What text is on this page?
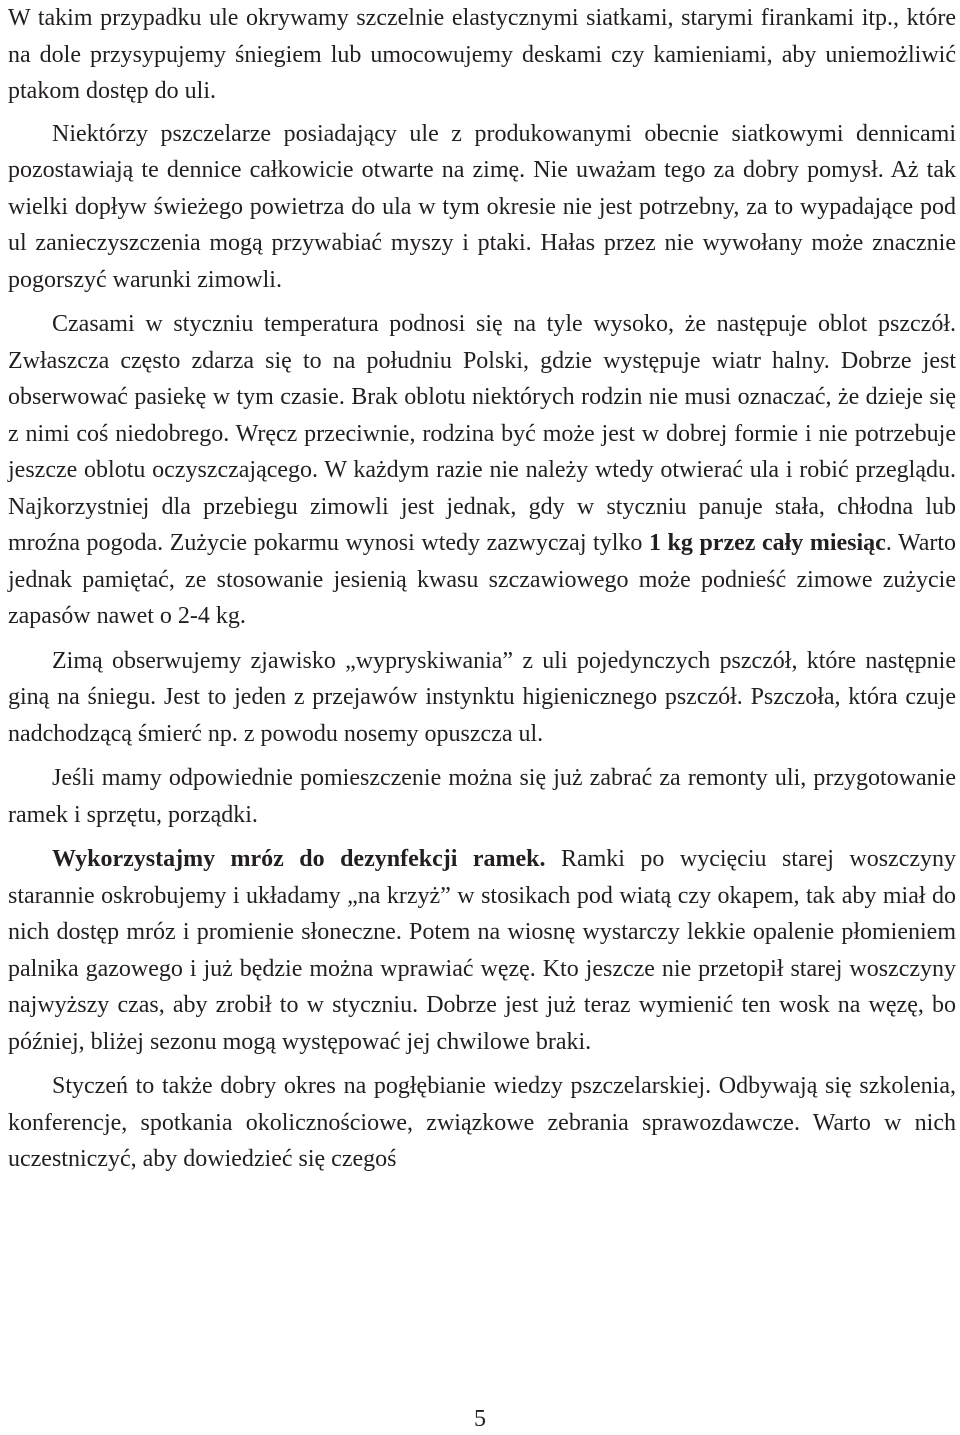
W takim przypadku ule okrywamy szczelnie elastycznymi siatkami, starymi firankami itp., które na dole przysypujemy śniegiem lub umocowujemy deskami czy kamieniami, aby uniemożliwić ptakom dostęp do uli.

Niektórzy pszczelarze posiadający ule z produkowanymi obecnie siatkowymi dennicami pozostawiają te dennice całkowicie otwarte na zimę. Nie uważam tego za dobry pomysł. Aż tak wielki dopływ świeżego powietrza do ula w tym okresie nie jest potrzebny, za to wypadające pod ul zanieczyszczenia mogą przywabiać myszy i ptaki. Hałas przez nie wywołany może znacznie pogorszyć warunki zimowli.

Czasami w styczniu temperatura podnosi się na tyle wysoko, że następuje oblot pszczół. Zwłaszcza często zdarza się to na południu Polski, gdzie występuje wiatr halny. Dobrze jest obserwować pasiekę w tym czasie. Brak oblotu niektórych rodzin nie musi oznaczać, że dzieje się z nimi coś niedobrego. Wręcz przeciwnie, rodzina być może jest w dobrej formie i nie potrzebuje jeszcze oblotu oczyszczającego. W każdym razie nie należy wtedy otwierać ula i robić przeglądu. Najkorzystniej dla przebiegu zimowli jest jednak, gdy w styczniu panuje stała, chłodna lub mroźna pogoda. Zużycie pokarmu wynosi wtedy zazwyczaj tylko 1 kg przez cały miesiąc. Warto jednak pamiętać, ze stosowanie jesienią kwasu szczawiowego może podnieść zimowe zużycie zapasów nawet o 2-4 kg.

Zimą obserwujemy zjawisko „wypryskiwania” z uli pojedynczych pszczół, które następnie giną na śniegu. Jest to jeden z przejawów instynktu higienicznego pszczół. Pszczoła, która czuje nadchodzącą śmierć np. z powodu nosemy opuszcza ul.

Jeśli mamy odpowiednie pomieszczenie można się już zabrać za remonty uli, przygotowanie ramek i sprzętu, porządki.

Wykorzystajmy mróz do dezynfekcji ramek. Ramki po wycięciu starej woszczyny starannie oskrobujemy i układamy „na krzyż” w stosikach pod wiatą czy okapem, tak aby miał do nich dostęp mróz i promienie słoneczne. Potem na wiosnę wystarczy lekkie opalenie płomieniem palnika gazowego i już będzie można wprawiać węzę. Kto jeszcze nie przetopił starej woszczyny najwyższy czas, aby zrobił to w styczniu. Dobrze jest już teraz wymienić ten wosk na węzę, bo później, bliżej sezonu mogą występować jej chwilowe braki.

Styczeń to także dobry okres na pogłębianie wiedzy pszczelarskiej. Odbywają się szkolenia, konferencje, spotkania okolicznościowe, związkowe zebrania sprawozdawcze. Warto w nich uczestniczyć, aby dowiedzieć się czegoś

5
